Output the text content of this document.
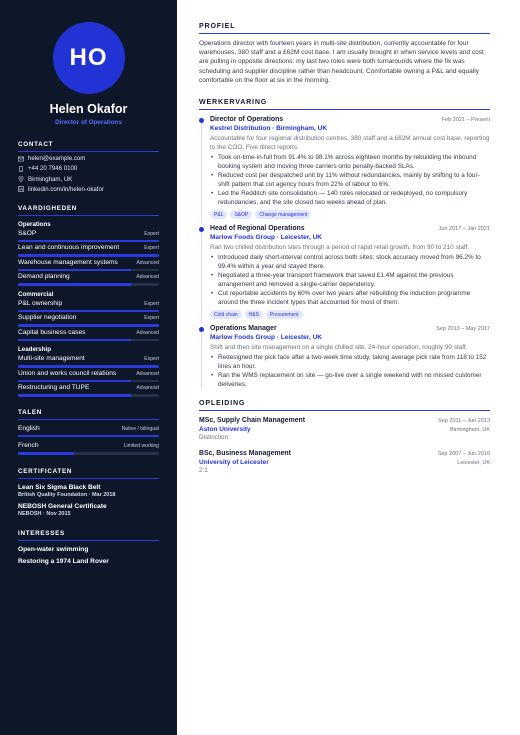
HO
Helen Okafor
Director of Operations
CONTACT
helen@example.com
+44 20 7946 0100
Birmingham, UK
linkedin.com/in/helen-okafor
VAARDIGHEDEN
Operations
S&OP	Expert
Lean and continuous improvement	Expert
Warehouse management systems	Advanced
Demand planning	Advanced
Commercial
P&L ownership	Expert
Supplier negotiation	Expert
Capital business cases	Advanced
Leadership
Multi-site management	Expert
Union and works council relations	Advanced
Restructuring and TUPE	Advanced
TALEN
English	Native / bilingual
French	Limited working
CERTIFICATEN
Lean Six Sigma Black Belt
British Quality Foundation · Mar 2018
NEBOSH General Certificate
NEBOSH · Nov 2015
INTERESSES
Open-water swimming
Restoring a 1974 Land Rover
PROFIEL

Operations director with fourteen years in multi-site distribution, currently accountable for four warehouses, 380 staff and a £62M cost base. I am usually brought in when service levels and cost are pulling in opposite directions: my last two roles were both turnarounds where the fix was scheduling and supplier discipline rather than headcount. Comfortable owning a P&L and equally comfortable on the floor at six in the morning.

WERKERVARING
Director of Operations	Feb 2021 – Present
Kestrel Distribution · Birmingham, UK
Accountable for four regional distribution centres, 380 staff and a £62M annual cost base, reporting to the COO. Five direct reports.
• Took on-time-in-full from 91.4% to 98.1% across eighteen months by rebuilding the inbound booking system and moving three carriers onto penalty-backed SLAs.
• Reduced cost per despatched unit by 11% without redundancies, mainly by shifting to a four-shift pattern that cut agency hours from 22% of labour to 6%.
• Led the Redditch site consolidation — 140 roles relocated or redeployed, no compulsory redundancies, and the site closed two weeks ahead of plan.
P&L	S&OP	Change management
Head of Regional Operations	Jun 2017 – Jan 2021
Marlow Foods Group · Leicester, UK
Ran two chilled distribution sites through a period of rapid retail growth, from 90 to 210 staff.
• Introduced daily short-interval control across both sites; stock accuracy moved from 96.2% to 99.4% within a year and stayed there.
• Negotiated a three-year transport framework that saved £1.4M against the previous arrangement and removed a single-carrier dependency.
• Cut reportable accidents by 60% over two years after rebuilding the induction programme around the three incident types that accounted for most of them.
Cold chain	H&S	Procurement
Operations Manager	Sep 2013 – May 2017
Marlow Foods Group · Leicester, UK
Shift and then site management on a single chilled site, 24-hour operation, roughly 90 staff.
• Redesigned the pick face after a two-week time study, taking average pick rate from 118 to 152 lines an hour.
• Ran the WMS replacement on site — go-live over a single weekend with no missed customer deliveries.
OPLEIDING
MSc, Supply Chain Management	Sep 2011 – Jun 2013
Aston University	Birmingham, UK
Distinction
BSc, Business Management	Sep 2007 – Jun 2010
University of Leicester	Leicester, UK
2:1
